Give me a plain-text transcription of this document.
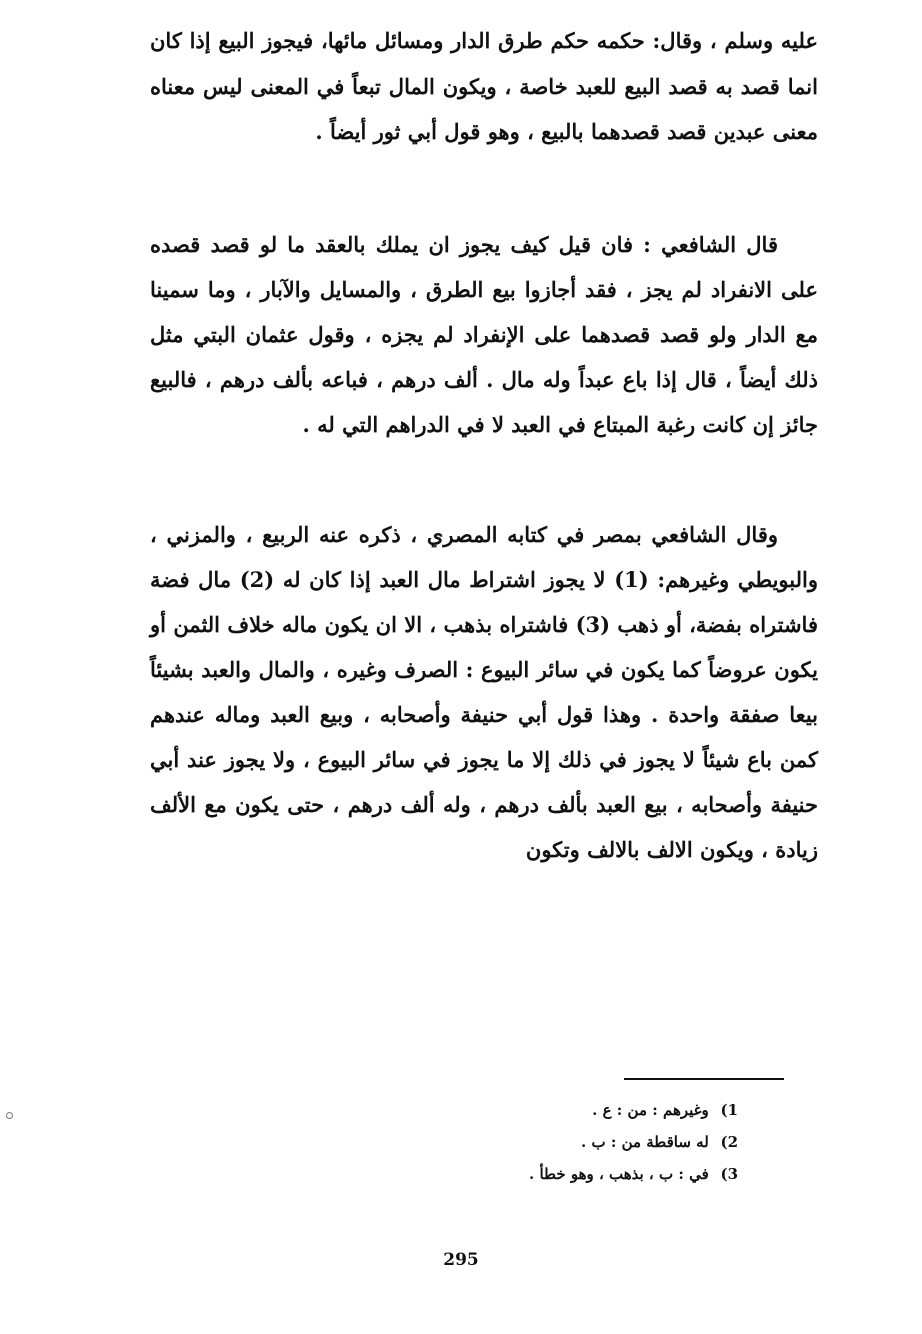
عليه وسلم ، وقال: حكمه حكم طرق الدار ومسائل مائها، فيجوز البيع إذا كان انما قصد به قصد البيع للعبد خاصة ، ويكون المال تبعاً في المعنى ليس معناه معنى عبدين قصد قصدهما بالبيع ، وهو قول أبي ثور أيضاً .

قال الشافعي : فان قيل كيف يجوز ان يملك بالعقد ما لو قصد قصده على الانفراد لم يجز ، فقد أجازوا بيع الطرق ، والمسايل والآبار ، وما سمينا مع الدار ولو قصد قصدهما على الإنفراد لم يجزه ، وقول عثمان البتي مثل ذلك أيضاً ، قال إذا باع عبداً وله مال . ألف درهم ، فباعه بألف درهم ، فالبيع جائز إن كانت رغبة المبتاع في العبد لا في الدراهم التي له .

وقال الشافعي بمصر في كتابه المصري ، ذكره عنه الربيع ، والمزني ، والبويطي وغيرهم: (1) لا يجوز اشتراط مال العبد إذا كان له (2) مال فضة فاشتراه بفضة، أو ذهب (3) فاشتراه بذهب ، الا ان يكون ماله خلاف الثمن أو يكون عروضاً كما يكون في سائر البيوع : الصرف وغيره ، والمال والعبد بشيئاً بيعا صفقة واحدة . وهذا قول أبي حنيفة وأصحابه ، وبيع العبد وماله عندهم كمن باع شيئاً لا يجوز في ذلك إلا ما يجوز في سائر البيوع ، ولا يجوز عند أبي حنيفة وأصحابه ، بيع العبد بألف درهم ، وله ألف درهم ، حتى يكون مع الألف زيادة ، ويكون الالف بالالف وتكون

1) وغيرهم : من : ع .
2) له ساقطة من : ب .
3) في : ب ، بذهب ، وهو خطأ .
295
